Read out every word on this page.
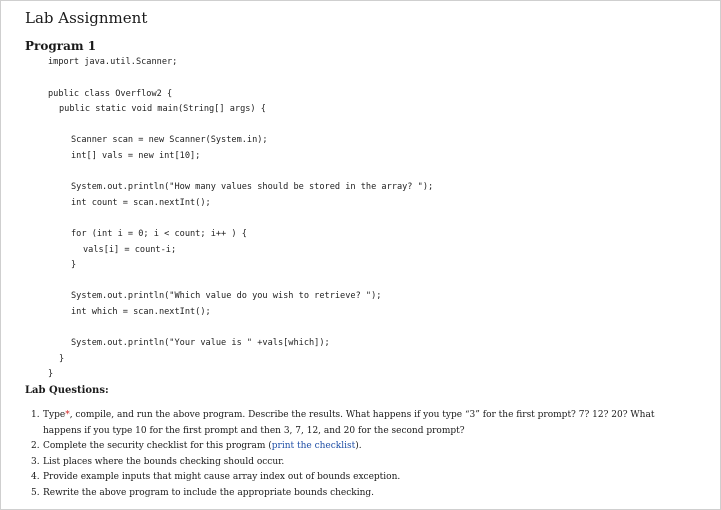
Lab Assignment
Program 1
import java.util.Scanner;
public class Overflow2 {
public static void main(String[] args) {
Scanner scan = new Scanner(System.in);
int[] vals = new int[10];
System.out.println("How many values should be stored in the array? ");
int count = scan.nextInt();
for (int i = 0; i < count; i++ ) {
vals[i] = count-i;
}
System.out.println("Which value do you wish to retrieve? ");
int which = scan.nextInt();
System.out.println("Your value is " +vals[which]);
}
}
Lab Questions:
1. Type*, compile, and run the above program. Describe the results. What happens if you type “3” for the first prompt? 7? 12? 20? What happens if you type 10 for the first prompt and then 3, 7, 12, and 20 for the second prompt?
2. Complete the security checklist for this program (print the checklist).
3. List places where the bounds checking should occur.
4. Provide example inputs that might cause array index out of bounds exception.
5. Rewrite the above program to include the appropriate bounds checking.
